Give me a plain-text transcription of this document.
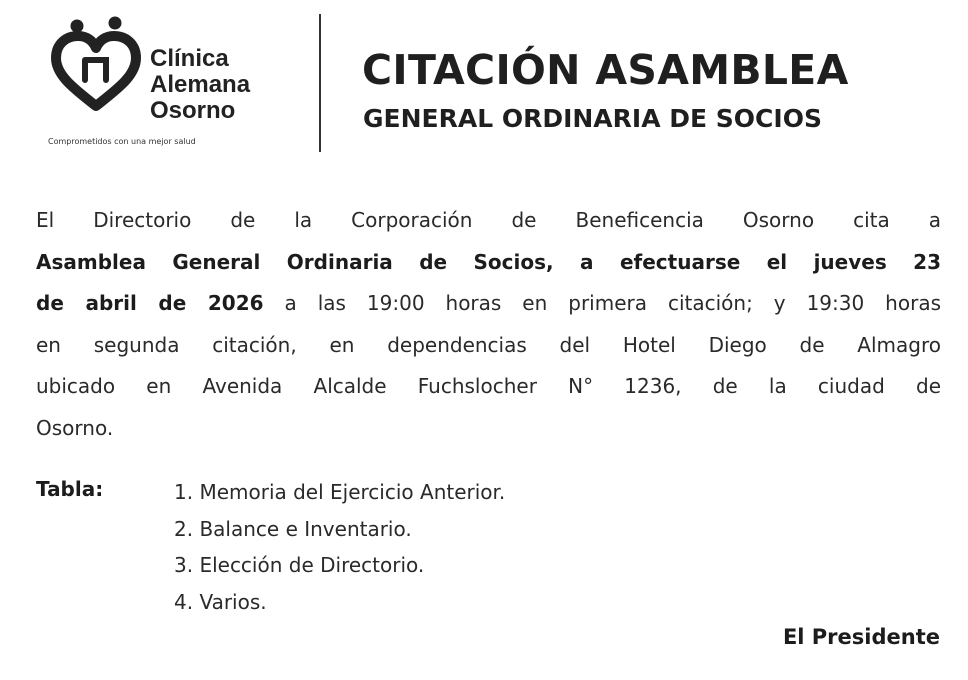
Clínica
Alemana
Osorno
Comprometidos con una mejor salud
CITACIÓN ASAMBLEA
GENERAL ORDINARIA DE SOCIOS
El Directorio de la Corporación de Beneficencia Osorno cita a
Asamblea General Ordinaria de Socios, a efectuarse el jueves 23
de abril de 2026 a las 19:00 horas en primera citación; y 19:30 horas
en segunda citación, en dependencias del Hotel Diego de Almagro
ubicado en Avenida Alcalde Fuchslocher N° 1236, de la ciudad de
Osorno.
Tabla:	1. Memoria del Ejercicio Anterior.
2. Balance e Inventario.
3. Elección de Directorio.
4. Varios.
El Presidente
